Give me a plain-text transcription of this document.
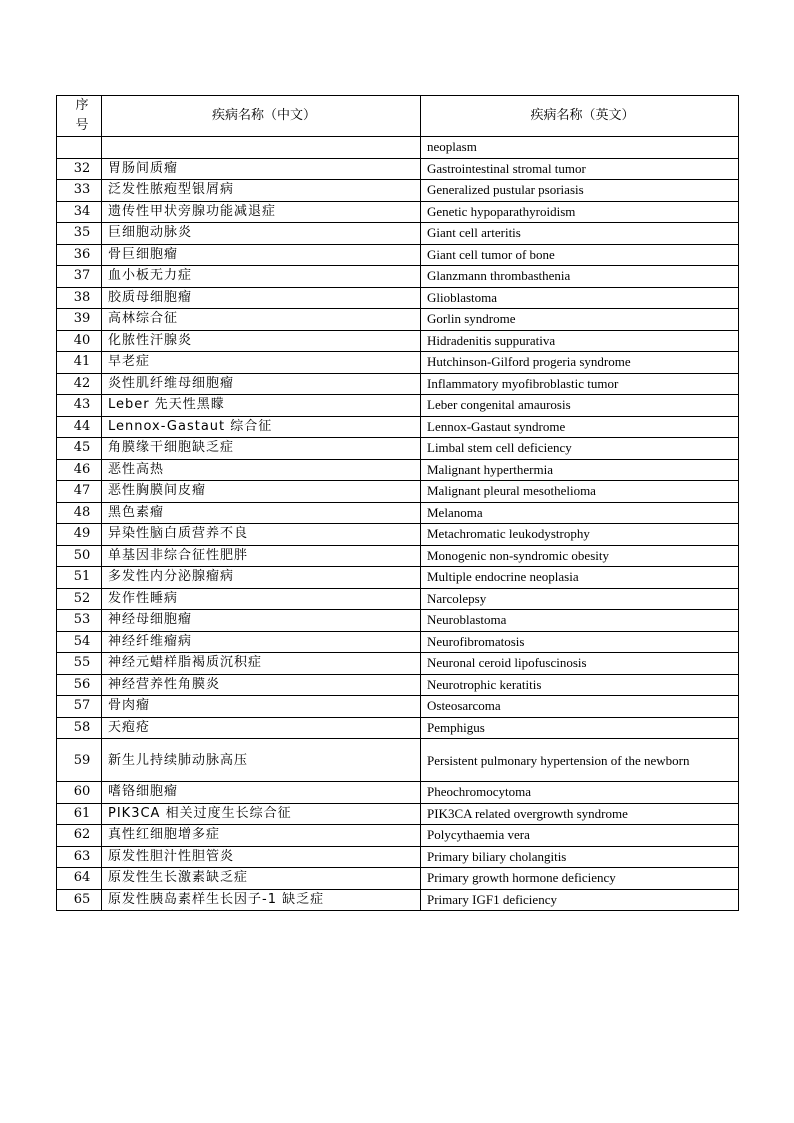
序
号	疾病名称（中文）	疾病名称（英文）
		neoplasm
32	胃肠间质瘤	Gastrointestinal stromal tumor
33	泛发性脓疱型银屑病	Generalized pustular psoriasis
34	遗传性甲状旁腺功能减退症	Genetic hypoparathyroidism
35	巨细胞动脉炎	Giant cell arteritis
36	骨巨细胞瘤	Giant cell tumor of bone
37	血小板无力症	Glanzmann thrombasthenia
38	胶质母细胞瘤	Glioblastoma
39	高林综合征	Gorlin syndrome
40	化脓性汗腺炎	Hidradenitis suppurativa
41	早老症	Hutchinson-Gilford progeria syndrome
42	炎性肌纤维母细胞瘤	Inflammatory myofibroblastic tumor
43	Leber 先天性黑矇	Leber congenital amaurosis
44	Lennox-Gastaut 综合征	Lennox-Gastaut syndrome
45	角膜缘干细胞缺乏症	Limbal stem cell deficiency
46	恶性高热	Malignant hyperthermia
47	恶性胸膜间皮瘤	Malignant pleural mesothelioma
48	黑色素瘤	Melanoma
49	异染性脑白质营养不良	Metachromatic leukodystrophy
50	单基因非综合征性肥胖	Monogenic non-syndromic obesity
51	多发性内分泌腺瘤病	Multiple endocrine neoplasia
52	发作性睡病	Narcolepsy
53	神经母细胞瘤	Neuroblastoma
54	神经纤维瘤病	Neurofibromatosis
55	神经元蜡样脂褐质沉积症	Neuronal ceroid lipofuscinosis
56	神经营养性角膜炎	Neurotrophic keratitis
57	骨肉瘤	Osteosarcoma
58	天疱疮	Pemphigus
59	新生儿持续肺动脉高压	Persistent pulmonary hypertension of the newborn
60	嗜铬细胞瘤	Pheochromocytoma
61	PIK3CA 相关过度生长综合征	PIK3CA related overgrowth syndrome
62	真性红细胞增多症	Polycythaemia vera
63	原发性胆汁性胆管炎	Primary biliary cholangitis
64	原发性生长激素缺乏症	Primary growth hormone deficiency
65	原发性胰岛素样生长因子-1 缺乏症	Primary IGF1 deficiency
